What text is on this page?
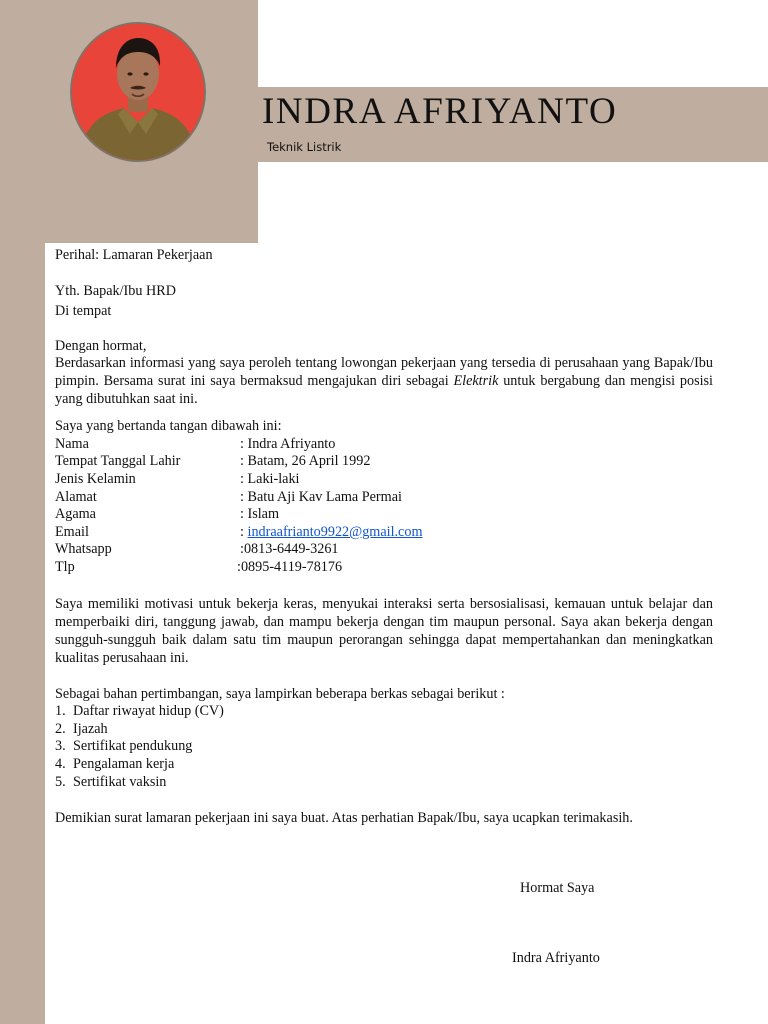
INDRA AFRIYANTO
Teknik Listrik

Perihal: Lamaran Pekerjaan

Yth. Bapak/Ibu HRD

Di tempat

Dengan hormat,

Berdasarkan informasi yang saya peroleh tentang lowongan pekerjaan yang tersedia di perusahaan yang Bapak/Ibu pimpin. Bersama surat ini saya bermaksud mengajukan diri sebagai Elektrik untuk bergabung dan mengisi posisi yang dibutuhkan saat ini.

Saya yang bertanda tangan dibawah ini:

Nama	: Indra Afriyanto
Tempat Tanggal Lahir	: Batam, 26 April 1992
Jenis Kelamin	: Laki-laki
Alamat	: Batu Aji Kav Lama Permai
Agama	: Islam
Email	: indraafrianto9922@gmail.com
Whatsapp	:0813-6449-3261
Tlp	:0895-4119-78176

Saya memiliki motivasi untuk bekerja keras, menyukai interaksi serta bersosialisasi, kemauan untuk belajar dan memperbaiki diri, tanggung jawab, dan mampu bekerja dengan tim maupun personal. Saya akan bekerja dengan sungguh-sungguh baik dalam satu tim maupun perorangan sehingga dapat mempertahankan dan meningkatkan kualitas perusahaan ini.

Sebagai bahan pertimbangan, saya lampirkan beberapa berkas sebagai berikut :

1. Daftar riwayat hidup (CV)
2. Ijazah
3. Sertifikat pendukung
4. Pengalaman kerja
5. Sertifikat vaksin

Demikian surat lamaran pekerjaan ini saya buat. Atas perhatian Bapak/Ibu, saya ucapkan terimakasih.

Hormat Saya
Indra Afriyanto
